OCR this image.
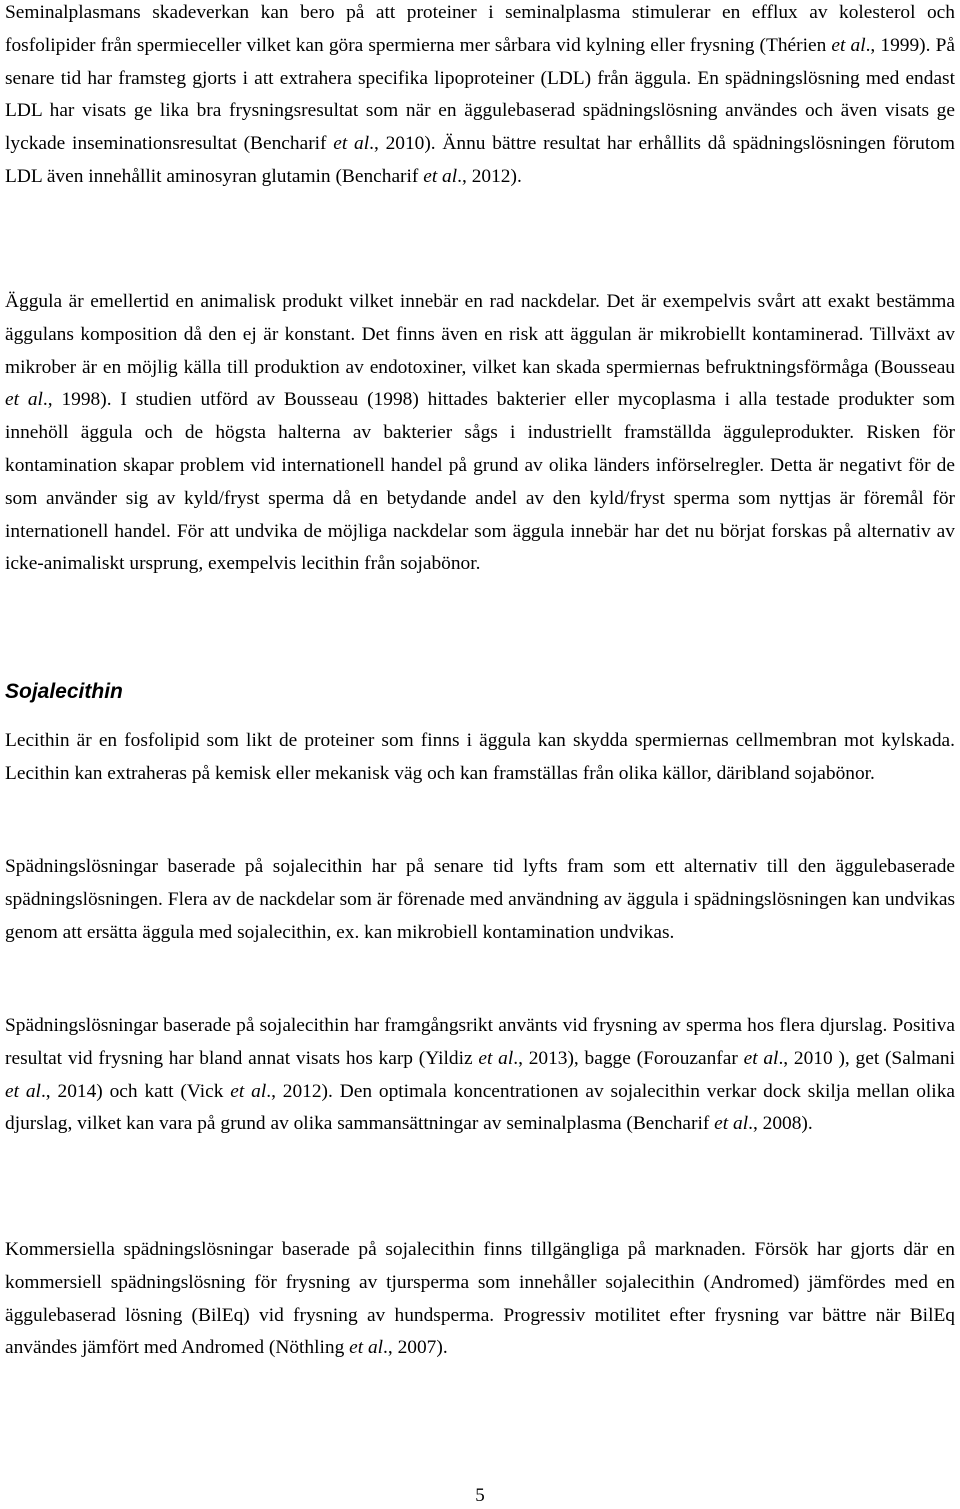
Seminalplasmans skadeverkan kan bero på att proteiner i seminalplasma stimulerar en efflux av kolesterol och fosfolipider från spermieceller vilket kan göra spermierna mer sårbara vid kylning eller frysning (Thérien et al., 1999). På senare tid har framsteg gjorts i att extrahera specifika lipoproteiner (LDL) från äggula. En spädningslösning med endast LDL har visats ge lika bra frysningsresultat som när en äggulebaserad spädningslösning användes och även visats ge lyckade inseminationsresultat (Bencharif et al., 2010). Ännu bättre resultat har erhållits då spädningslösningen förutom LDL även innehållit aminosyran glutamin (Bencharif et al., 2012).

Äggula är emellertid en animalisk produkt vilket innebär en rad nackdelar. Det är exempelvis svårt att exakt bestämma äggulans komposition då den ej är konstant. Det finns även en risk att äggulan är mikrobiellt kontaminerad. Tillväxt av mikrober är en möjlig källa till produktion av endotoxiner, vilket kan skada spermiernas befruktningsförmåga (Bousseau et al., 1998). I studien utförd av Bousseau (1998) hittades bakterier eller mycoplasma i alla testade produkter som innehöll äggula och de högsta halterna av bakterier sågs i industriellt framställda ägguleprodukter. Risken för kontamination skapar problem vid internationell handel på grund av olika länders införselregler. Detta är negativt för de som använder sig av kyld/fryst sperma då en betydande andel av den kyld/fryst sperma som nyttjas är föremål för internationell handel. För att undvika de möjliga nackdelar som äggula innebär har det nu börjat forskas på alternativ av icke-animaliskt ursprung, exempelvis lecithin från sojabönor.

Sojalecithin

Lecithin är en fosfolipid som likt de proteiner som finns i äggula kan skydda spermiernas cellmembran mot kylskada. Lecithin kan extraheras på kemisk eller mekanisk väg och kan framställas från olika källor, däribland sojabönor.

Spädningslösningar baserade på sojalecithin har på senare tid lyfts fram som ett alternativ till den äggulebaserade spädningslösningen. Flera av de nackdelar som är förenade med användning av äggula i spädningslösningen kan undvikas genom att ersätta äggula med sojalecithin, ex. kan mikrobiell kontamination undvikas.

Spädningslösningar baserade på sojalecithin har framgångsrikt använts vid frysning av sperma hos flera djurslag. Positiva resultat vid frysning har bland annat visats hos karp (Yildiz et al., 2013), bagge (Forouzanfar et al., 2010 ), get (Salmani et al., 2014) och katt (Vick et al., 2012). Den optimala koncentrationen av sojalecithin verkar dock skilja mellan olika djurslag, vilket kan vara på grund av olika sammansättningar av seminalplasma (Bencharif et al., 2008).

Kommersiella spädningslösningar baserade på sojalecithin finns tillgängliga på marknaden. Försök har gjorts där en kommersiell spädningslösning för frysning av tjursperma som innehåller sojalecithin (Andromed) jämfördes med en äggulebaserad lösning (BilEq) vid frysning av hundsperma. Progressiv motilitet efter frysning var bättre när BilEq användes jämfört med Andromed (Nöthling et al., 2007).

5
